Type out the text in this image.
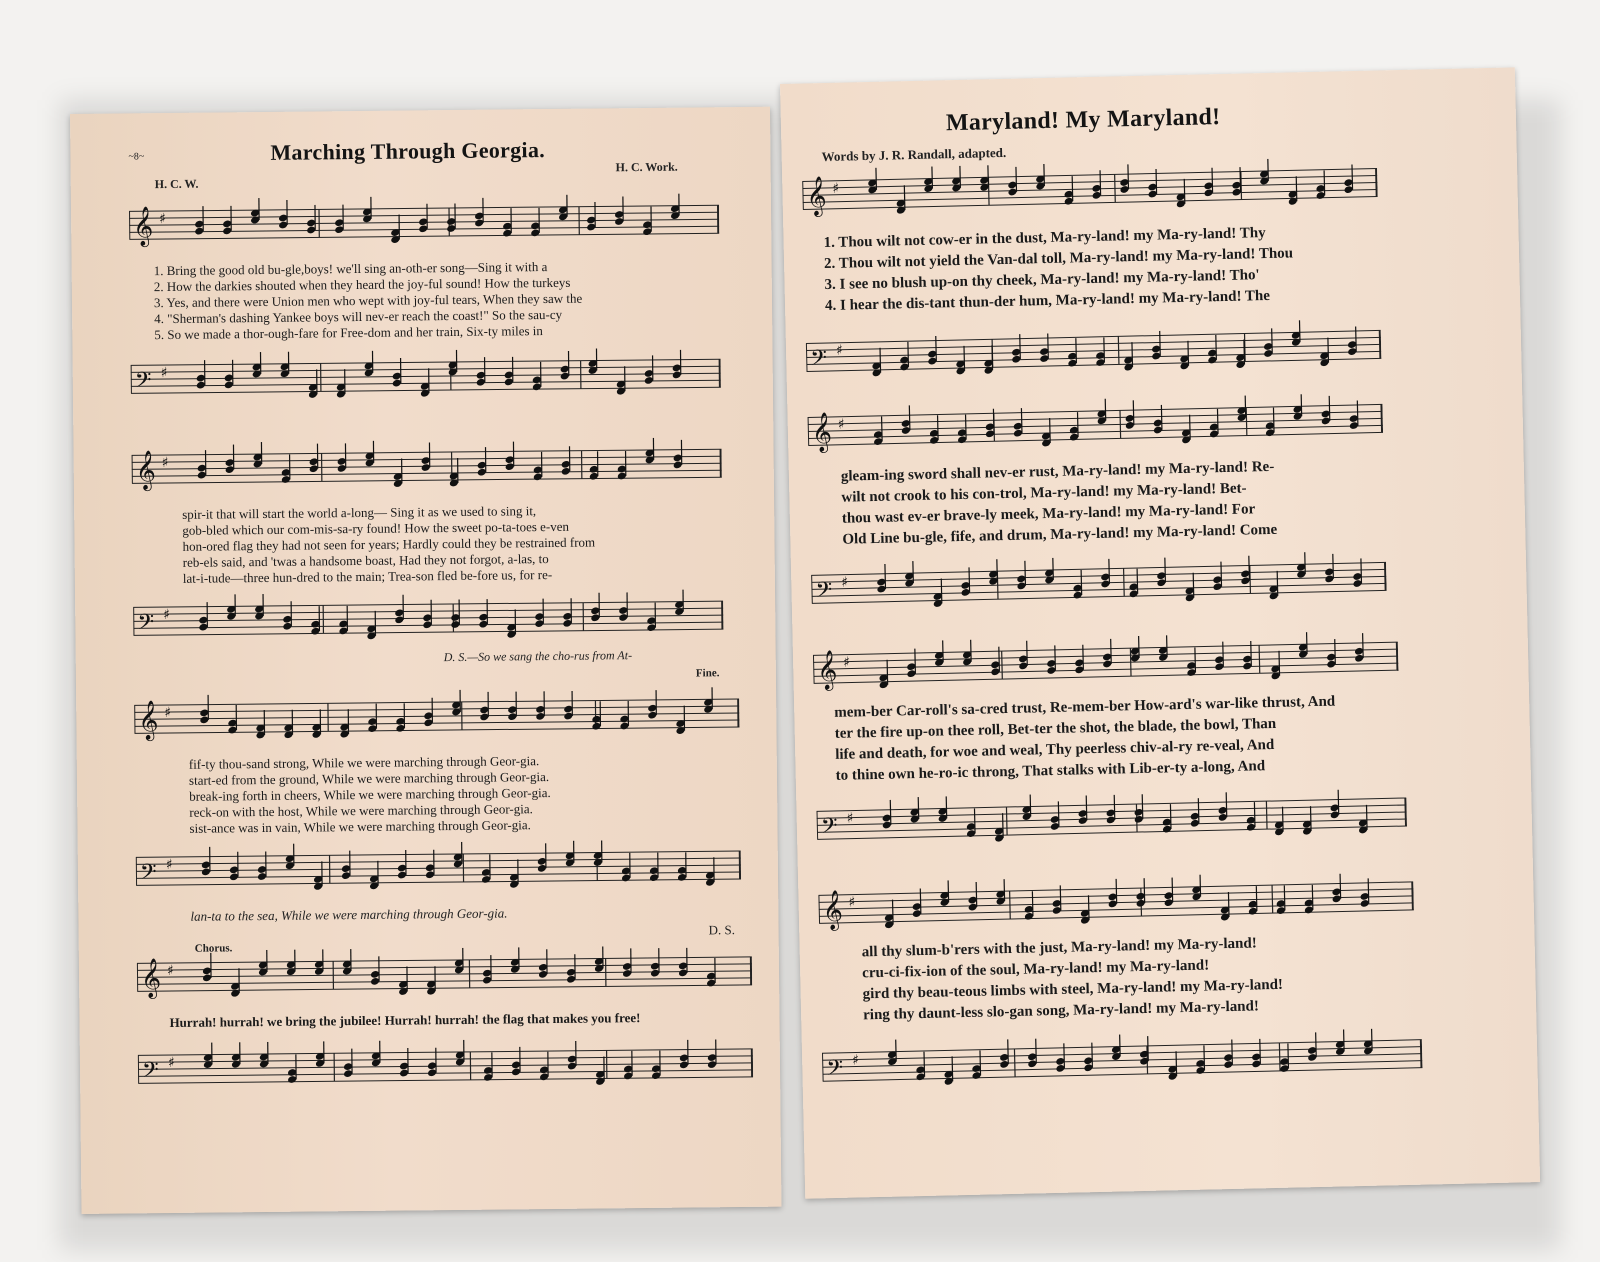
~8~	Marching Through Georgia.
H. C. W.
H. C. Work.
𝄞 ♯
1. Bring the good old bu-gle,boys! we'll sing an-oth-er song—Sing it with a
2. How the darkies shouted when they heard the joy-ful sound! How the turkeys
3. Yes, and there were Union men who wept with joy-ful tears, When they saw the
4. "Sherman's dashing Yankee boys will nev-er reach the coast!" So the sau-cy
5. So we made a thor-ough-fare for Free-dom and her train, Six-ty miles in
𝄢 ♯
𝄞 ♯
spir-it that will start the world a-long— Sing it as we used to sing it,
gob-bled which our com-mis-sa-ry found! How the sweet po-ta-toes e-ven
hon-ored flag they had not seen for years; Hardly could they be restrained from
reb-els said, and 'twas a handsome boast, Had they not forgot, a-las, to
lat-i-tude—three hun-dred to the main; Trea-son fled be-fore us, for re-
𝄢 ♯
D. S.—So we sang the cho-rus from At-
Fine.
𝄞 ♯
fif-ty thou-sand strong, While we were marching through Geor-gia.
start-ed from the ground, While we were marching through Geor-gia.
break-ing forth in cheers, While we were marching through Geor-gia.
reck-on with the host, While we were marching through Geor-gia.
sist-ance was in vain, While we were marching through Geor-gia.
𝄢 ♯
lan-ta to the sea, While we were marching through Geor-gia.
Chorus.
D. S.
𝄞 ♯
Hurrah! hurrah! we bring the jubilee! Hurrah! hurrah! the flag that makes you free!
𝄢 ♯
Maryland! My Maryland!
Words by J. R. Randall, adapted.
𝄞 ♯
1. Thou wilt not cow-er in the dust, Ma-ry-land! my Ma-ry-land! Thy
2. Thou wilt not yield the Van-dal toll, Ma-ry-land! my Ma-ry-land! Thou
3. I see no blush up-on thy cheek, Ma-ry-land! my Ma-ry-land! Tho'
4. I hear the dis-tant thun-der hum, Ma-ry-land! my Ma-ry-land! The
𝄢 ♯
𝄞 ♯
gleam-ing sword shall nev-er rust, Ma-ry-land! my Ma-ry-land! Re-
wilt not crook to his con-trol, Ma-ry-land! my Ma-ry-land! Bet-
thou wast ev-er brave-ly meek, Ma-ry-land! my Ma-ry-land! For
Old Line bu-gle, fife, and drum, Ma-ry-land! my Ma-ry-land! Come
𝄢 ♯
𝄞 ♯
mem-ber Car-roll's sa-cred trust, Re-mem-ber How-ard's war-like thrust, And
ter the fire up-on thee roll, Bet-ter the shot, the blade, the bowl, Than
life and death, for woe and weal, Thy peerless chiv-al-ry re-veal, And
to thine own he-ro-ic throng, That stalks with Lib-er-ty a-long, And
𝄢 ♯
𝄞 ♯
all thy slum-b'rers with the just, Ma-ry-land! my Ma-ry-land!
cru-ci-fix-ion of the soul, Ma-ry-land! my Ma-ry-land!
gird thy beau-teous limbs with steel, Ma-ry-land! my Ma-ry-land!
ring thy daunt-less slo-gan song, Ma-ry-land! my Ma-ry-land!
𝄢 ♯
